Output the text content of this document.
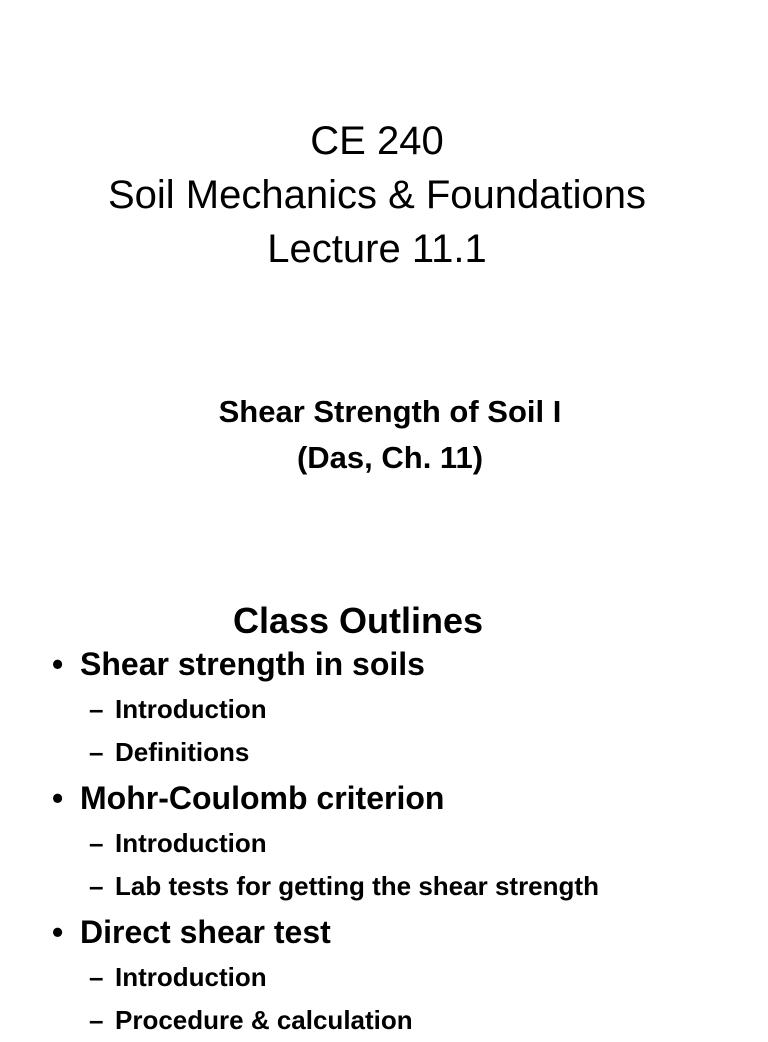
CE 240
Soil Mechanics & Foundations
Lecture 11.1
Shear Strength of Soil I
(Das, Ch. 11)
Class Outlines
• Shear strength in soils
– Introduction
– Definitions
• Mohr-Coulomb criterion
– Introduction
– Lab tests for getting the shear strength
• Direct shear test
– Introduction
– Procedure & calculation
